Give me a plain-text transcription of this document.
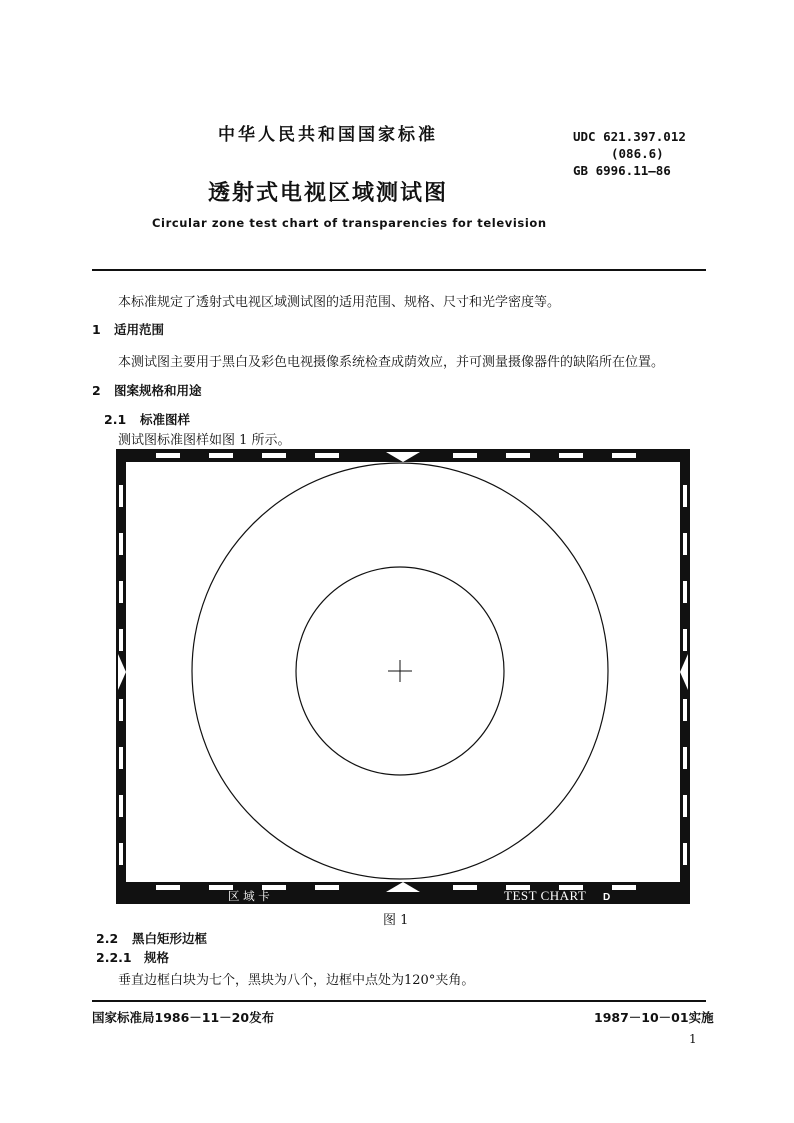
中华人民共和国国家标准
透射式电视区域测试图
Circular zone test chart of transparencies for television
UDC 621.397.012
(086.6)
GB 6996.11—86
本标准规定了透射式电视区域测试图的适用范围、规格、尺寸和光学密度等。
1 适用范围
本测试图主要用于黑白及彩色电视摄像系统检查成荫效应，并可测量摄像器件的缺陷所在位置。
2 图案规格和用途
2.1 标准图样
测试图标准图样如图 1 所示。
区 域 卡	TEST CHART D
图 1
2.2 黑白矩形边框
2.2.1 规格
垂直边框白块为七个，黑块为八个，边框中点处为120°夹角。
国家标准局1986－11－20发布	1987－10－01实施
1
